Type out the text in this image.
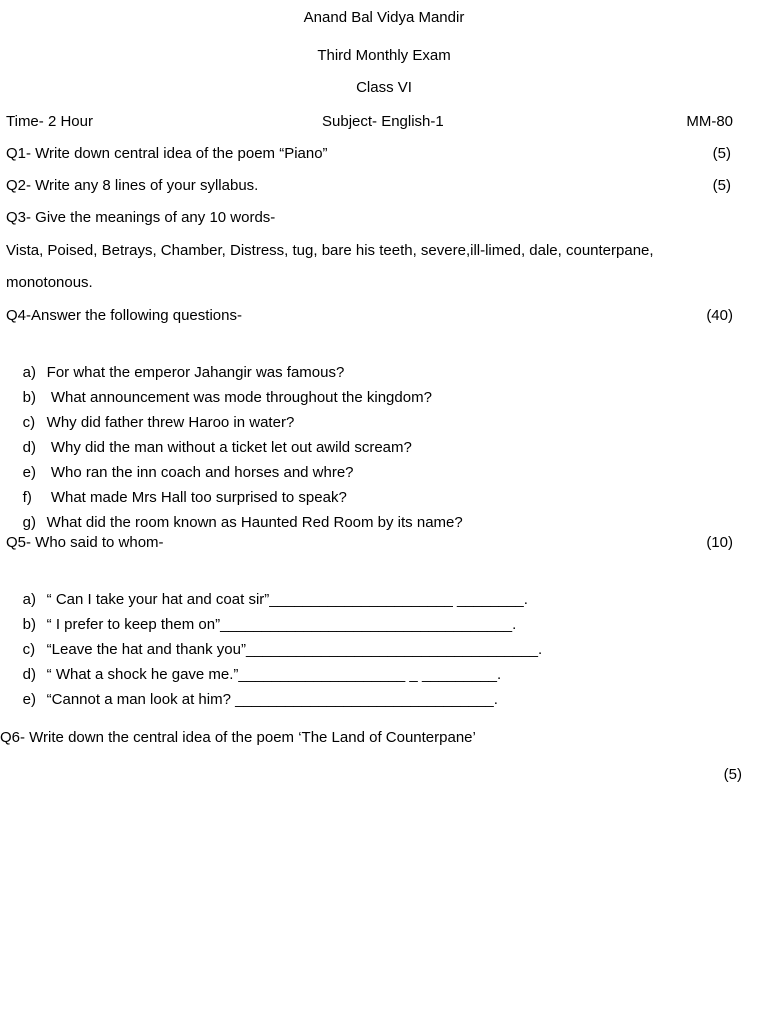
Anand Bal Vidya Mandir
Third Monthly Exam
Class VI
Time- 2 Hour	Subject- English-1	MM-80
Q1- Write down central idea of the poem “Piano”	(5)
Q2- Write any 8 lines of your syllabus.	(5)
Q3- Give the meanings of any 10 words-
Vista, Poised, Betrays, Chamber, Distress, tug, bare his teeth, severe,ill-limed, dale, counterpane,
monotonous.
Q4-Answer the following questions-	(40)

a) For what the emperor Jahangir was famous?

b) What announcement was mode throughout the kingdom?

c) Why did father threw Haroo in water?

d) Why did the man without a ticket let out awild scream?

e) Who ran the inn coach and horses and whre?

f) What made Mrs Hall too surprised to speak?

g) What did the room known as Haunted Red Room by its name?

Q5- Who said to whom-	(10)

a) “ Can I take your hat and coat sir”______________________ ________.

b) “ I prefer to keep them on”___________________________________.

c) “Leave the hat and thank you”___________________________________.

d) “ What a shock he gave me.”____________________ _ _________.

e) “Cannot a man look at him? _______________________________.

Q6- Write down the central idea of the poem ‘The Land of Counterpane’
(5)
